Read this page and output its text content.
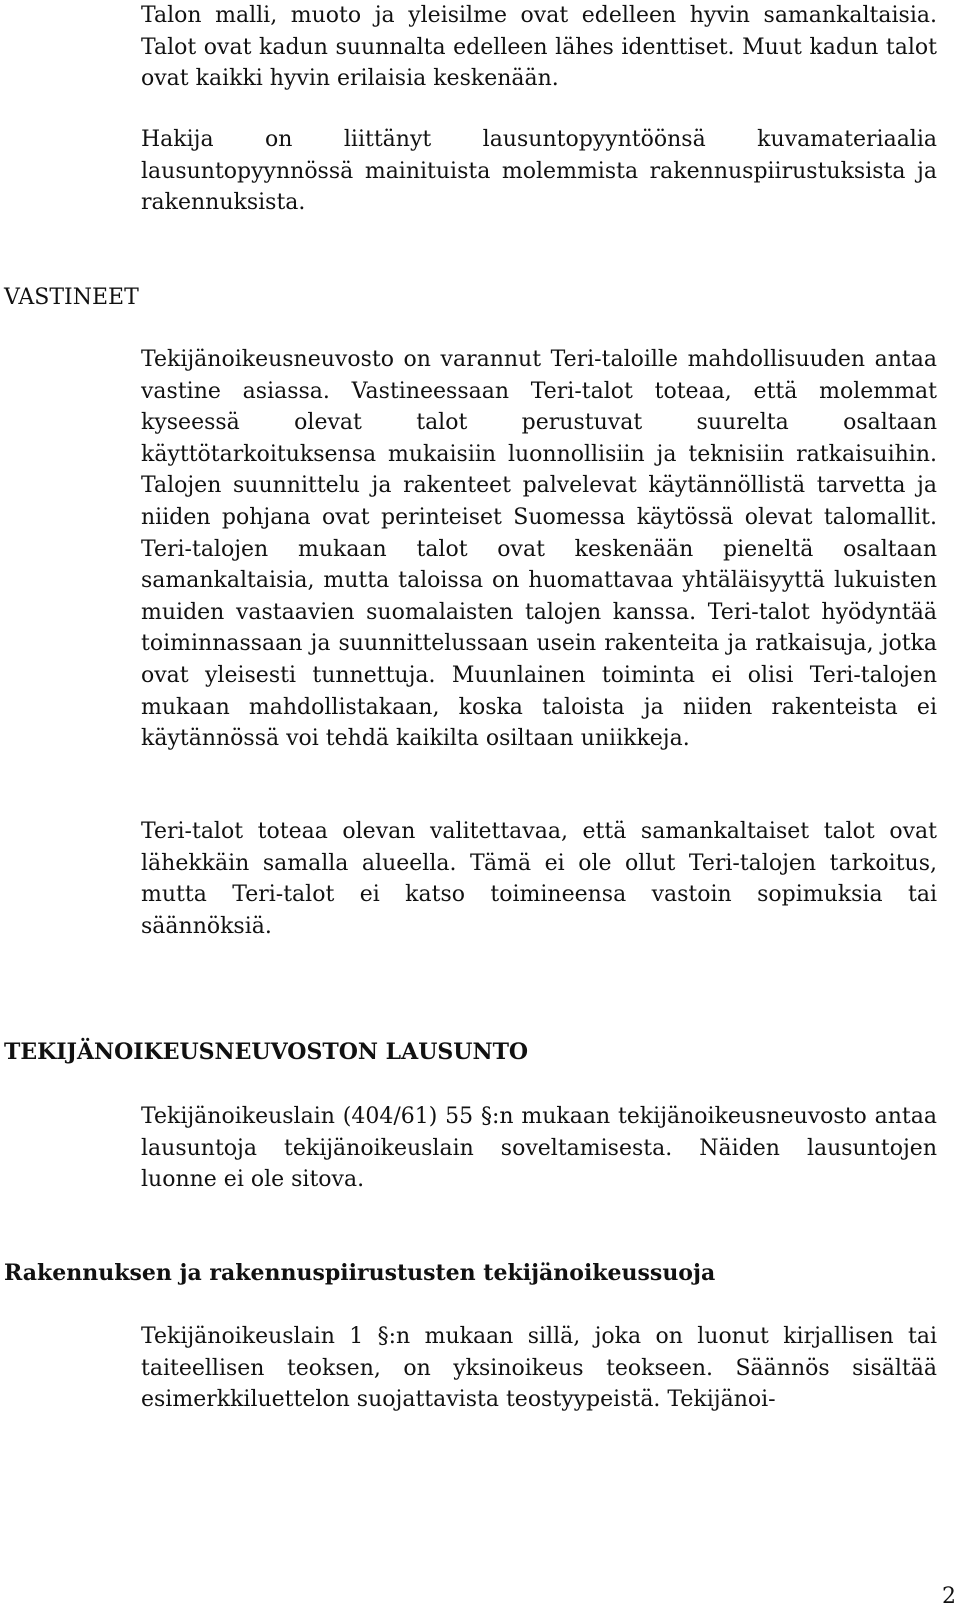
Talon malli, muoto ja yleisilme ovat edelleen hyvin samankaltaisia. Talot ovat kadun suunnalta edelleen lähes identtiset. Muut kadun talot ovat kaikki hyvin erilaisia keskenään.

Hakija on liittänyt lausuntopyyntöönsä kuvamateriaalia lausuntopyynnössä mainituista molemmista rakennuspiirustuksista ja rakennuksista.

VASTINEET

Tekijänoikeusneuvosto on varannut Teri-taloille mahdollisuuden antaa vastine asiassa. Vastineessaan Teri-talot toteaa, että molemmat kyseessä olevat talot perustuvat suurelta osaltaan käyttötarkoituksensa mukaisiin luonnollisiin ja teknisiin ratkaisuihin. Talojen suunnittelu ja rakenteet palvelevat käytännöllistä tarvetta ja niiden pohjana ovat perinteiset Suomessa käytössä olevat talomallit. Teri-talojen mukaan talot ovat keskenään pieneltä osaltaan samankaltaisia, mutta taloissa on huomattavaa yhtäläisyyttä lukuisten muiden vastaavien suomalaisten talojen kanssa. Teri-talot hyödyntää toiminnassaan ja suunnittelussaan usein rakenteita ja ratkaisuja, jotka ovat yleisesti tunnettuja. Muunlainen toiminta ei olisi Teri-talojen mukaan mahdollistakaan, koska taloista ja niiden rakenteista ei käytännössä voi tehdä kaikilta osiltaan uniikkeja.

Teri-talot toteaa olevan valitettavaa, että samankaltaiset talot ovat lähekkäin samalla alueella. Tämä ei ole ollut Teri-talojen tarkoitus, mutta Teri-talot ei katso toimineensa vastoin sopimuksia tai säännöksiä.

TEKIJÄNOIKEUSNEUVOSTON LAUSUNTO

Tekijänoikeuslain (404/61) 55 §:n mukaan tekijänoikeusneuvosto antaa lausuntoja tekijänoikeuslain soveltamisesta. Näiden lausuntojen luonne ei ole sitova.

Rakennuksen ja rakennuspiirustusten tekijänoikeussuoja

Tekijänoikeuslain 1 §:n mukaan sillä, joka on luonut kirjallisen tai taiteellisen teoksen, on yksinoikeus teokseen. Säännös sisältää esimerkkiluettelon suojattavista teostyypeistä. Tekijänoi-

2
